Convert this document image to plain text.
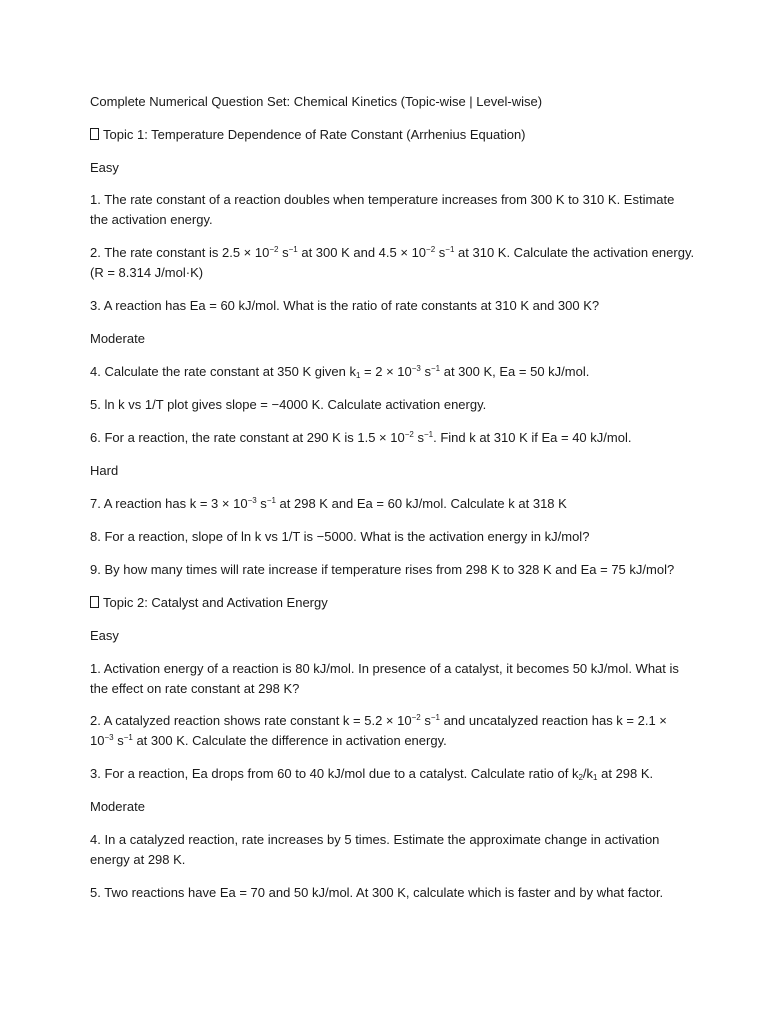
Complete Numerical Question Set: Chemical Kinetics (Topic-wise | Level-wise)
Topic 1: Temperature Dependence of Rate Constant (Arrhenius Equation)
Easy
1. The rate constant of a reaction doubles when temperature increases from 300 K to 310 K. Estimate the activation energy.
2. The rate constant is $2.5 \times 10^{-2}$ $s^{-1}$ at 300 K and $4.5 \times 10^{-2}$ $s^{-1}$ at 310 K. Calculate the activation energy.
(R = 8.314 J/mol·K)
3. A reaction has Ea = 60 kJ/mol. What is the ratio of rate constants at 310 K and 300 K?
Moderate
4. Calculate the rate constant at 350 K given $k_1 = 2 \times 10^{-3}$ $s^{-1}$ at 300 K, Ea = 50 kJ/mol.
5. ln k vs 1/T plot gives slope = −4000 K. Calculate activation energy.
6. For a reaction, the rate constant at 290 K is $1.5 \times 10^{-2}$ $s^{-1}$. Find k at 310 K if Ea = 40 kJ/mol.
Hard
7. A reaction has $k = 3 \times 10^{-3}$ $s^{-1}$ at 298 K and Ea = 60 kJ/mol. Calculate k at 318 K
8. For a reaction, slope of ln k vs 1/T is −5000. What is the activation energy in kJ/mol?
9. By how many times will rate increase if temperature rises from 298 K to 328 K and Ea = 75 kJ/mol?
Topic 2: Catalyst and Activation Energy
Easy
1. Activation energy of a reaction is 80 kJ/mol. In presence of a catalyst, it becomes 50 kJ/mol. What is the effect on rate constant at 298 K?
2. A catalyzed reaction shows rate constant $k = 5.2 \times 10^{-2}$ $s^{-1}$ and uncatalyzed reaction has $k = 2.1 \times 10^{-3}$ $s^{-1}$ at 300 K. Calculate the difference in activation energy.
3. For a reaction, Ea drops from 60 to 40 kJ/mol due to a catalyst. Calculate ratio of $k_2/k_1$ at 298 K.
Moderate
4. In a catalyzed reaction, rate increases by 5 times. Estimate the approximate change in activation energy at 298 K.
5. Two reactions have Ea = 70 and 50 kJ/mol. At 300 K, calculate which is faster and by what factor.
